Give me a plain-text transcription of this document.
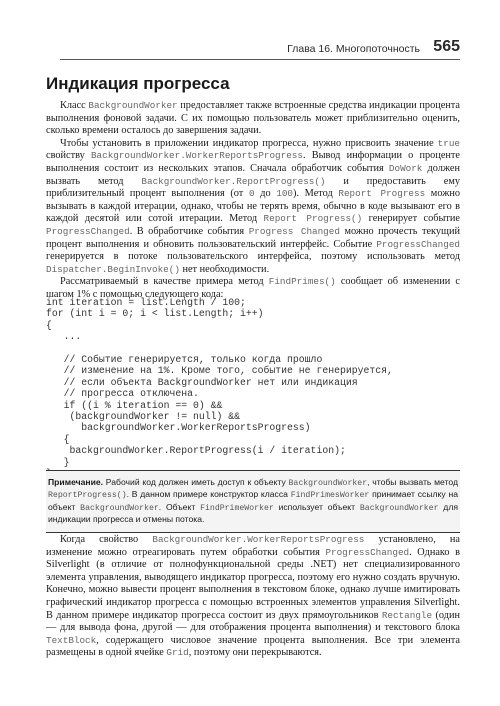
Глава 16. Многопоточность 565
Индикация прогресса

Класс BackgroundWorker предоставляет также встроенные средства индикации процента выполнения фоновой задачи. С их помощью пользователь может приблизительно оценить, сколько времени осталось до завершения задачи.

Чтобы установить в приложении индикатор прогресса, нужно присвоить значение true свойству BackgroundWorker.WorkerReportsProgress. Вывод информации о проценте выполнения состоит из нескольких этапов. Сначала обработчик события DoWork должен вызвать метод BackgroundWorker.ReportProgress() и предоставить ему приблизительный процент выполнения (от 0 до 100). Метод Report Progress можно вызывать в каждой итерации, однако, чтобы не терять время, обычно в коде вызывают его в каждой десятой или сотой итерации. Метод Report Progress() генерирует событие ProgressChanged. В обработчике события Progress Changed можно прочесть текущий процент выполнения и обновить пользовательский интерфейс. Событие ProgressChanged генерируется в потоке пользовательского интерфейса, поэтому использовать метод Dispatcher.BeginInvoke() нет необходимости.

Рассматриваемый в качестве примера метод FindPrimes() сообщает об изменении с шагом 1% с помощью следующего кода:

int iteration = list.Length / 100;
for (int i = 0; i < list.Length; i++)
{
...

// Событие генерируется, только когда прошло
// изменение на 1%. Кроме того, событие не генерируется,
// если объекта BackgroundWorker нет или индикация
// прогресса отключена.
if ((i % iteration == 0) &&
(backgroundWorker != null) &&
backgroundWorker.WorkerReportsProgress)
{
backgroundWorker.ReportProgress(i / iteration);
}

Примечание. Рабочий код должен иметь доступ к объекту BackgroundWorker, чтобы вызвать метод ReportProgress(). В данном примере конструктор класса FindPrimesWorker принимает ссылку на объект BackgroundWorker. Объект FindPrimeWorker использует объект BackgroundWorker для индикации прогресса и отмены потока.

Когда свойство BackgroundWorker.WorkerReportsProgress установлено, на изменение можно отреагировать путем обработки события ProgressChanged. Однако в Silverlight (в отличие от полнофункциональной среды .NET) нет специализированного элемента управления, выводящего индикатор прогресса, поэтому его нужно создать вручную. Конечно, можно вывести процент выполнения в текстовом блоке, однако лучше имитировать графический индикатор прогресса с помощью встроенных элементов управления Silverlight. В данном примере индикатор прогресса состоит из двух прямоугольников Rectangle (один — для вывода фона, другой — для отображения процента выполнения) и текстового блока TextBlock, содержащего числовое значение процента выполнения. Все три элемента размещены в одной ячейке Grid, поэтому они перекрываются.
